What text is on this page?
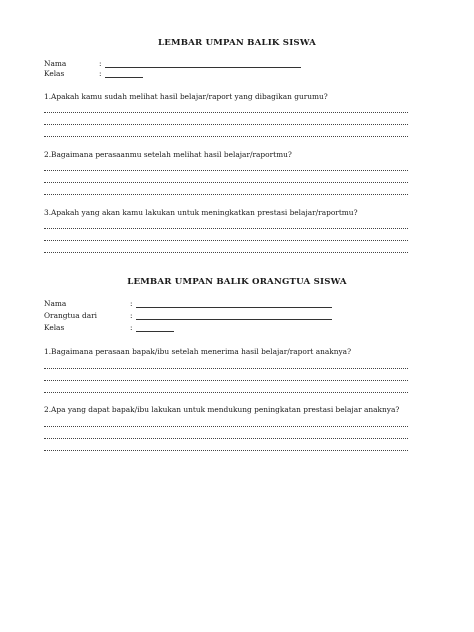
LEMBAR UMPAN BALIK SISWA
Nama	:
Kelas	:
1.Apakah kamu sudah melihat hasil belajar/raport yang dibagikan gurumu?
2.Bagaimana perasaanmu setelah melihat hasil belajar/raportmu?
3.Apakah yang akan kamu lakukan untuk meningkatkan prestasi belajar/raportmu?
LEMBAR UMPAN BALIK ORANGTUA SISWA
Nama	:
Orangtua dari	:
Kelas	:
1.Bagaimana perasaan bapak/ibu setelah menerima hasil belajar/raport anaknya?
2.Apa yang dapat bapak/ibu lakukan untuk mendukung peningkatan prestasi belajar anaknya?
